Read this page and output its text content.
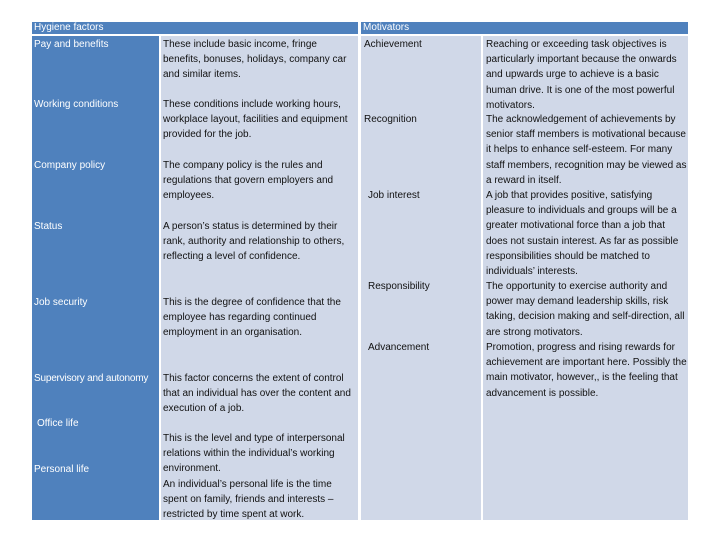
Hygiene factors
Pay and benefits
Working conditions
Company policy
Status
Job security
Supervisory and autonomy
Office life
Personal life
These include basic income, fringe benefits, bonuses, holidays, company car and similar items.
These conditions include working hours, workplace layout, facilities and equipment provided for the job.
The company policy is the rules and regulations that govern employers and employees.
A person’s status is determined by their rank, authority and relationship to others, reflecting a level of confidence.
This is the degree of confidence that the employee has regarding continued employment in an organisation.
This factor concerns the extent of control that an individual has over the content and execution of a job.
This is the level and type of interpersonal relations within the individual’s working environment.
An individual’s personal life is the time spent on family, friends and interests – restricted by time spent at work.
Motivators
Achievement
Recognition
Job interest
Responsibility
Advancement
Reaching or exceeding task objectives is particularly important because the onwards and upwards urge to achieve is a basic human drive. It is one of the most powerful motivators.
The acknowledgement of achievements by senior staff members is motivational because it helps to enhance self-esteem. For many staff members, recognition may be viewed as a reward in itself.
A job that provides positive, satisfying pleasure to individuals and groups will be a greater motivational force than a job that does not sustain interest. As far as possible responsibilities should be matched to individuals’ interests.
The opportunity to exercise authority and power may demand leadership skills, risk taking, decision making and self-direction, all are strong motivators.
Promotion, progress and rising rewards for achievement are important here. Possibly the main motivator, however,, is the feeling that advancement is possible.
